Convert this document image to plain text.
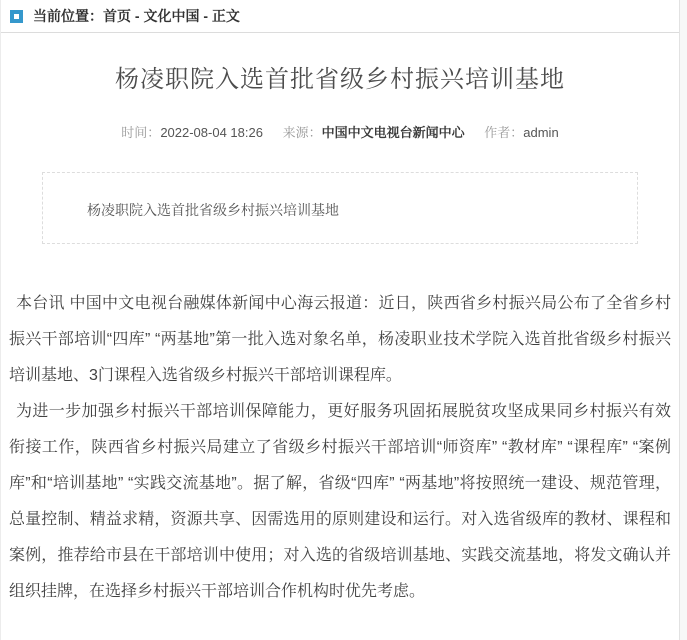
当前位置：首页 - 文化中国 - 正文
杨凌职院入选首批省级乡村振兴培训基地
时间：2022-08-04 18:26 来源：中国中文电视台新闻中心 作者：admin
杨凌职院入选首批省级乡村振兴培训基地

本台讯 中国中文电视台融媒体新闻中心海云报道：近日，陕西省乡村振兴局公布了全省乡村振兴干部培训“四库” “两基地”第一批入选对象名单，杨凌职业技术学院入选首批省级乡村振兴培训基地、3门课程入选省级乡村振兴干部培训课程库。

为进一步加强乡村振兴干部培训保障能力，更好服务巩固拓展脱贫攻坚成果同乡村振兴有效衔接工作，陕西省乡村振兴局建立了省级乡村振兴干部培训“师资库” “教材库” “课程库” “案例库”和“培训基地” “实践交流基地”。据了解，省级“四库” “两基地”将按照统一建设、规范管理，总量控制、精益求精，资源共享、因需选用的原则建设和运行。对入选省级库的教材、课程和案例，推荐给市县在干部培训中使用；对入选的省级培训基地、实践交流基地，将发文确认并组织挂牌，在选择乡村振兴干部培训合作机构时优先考虑。
